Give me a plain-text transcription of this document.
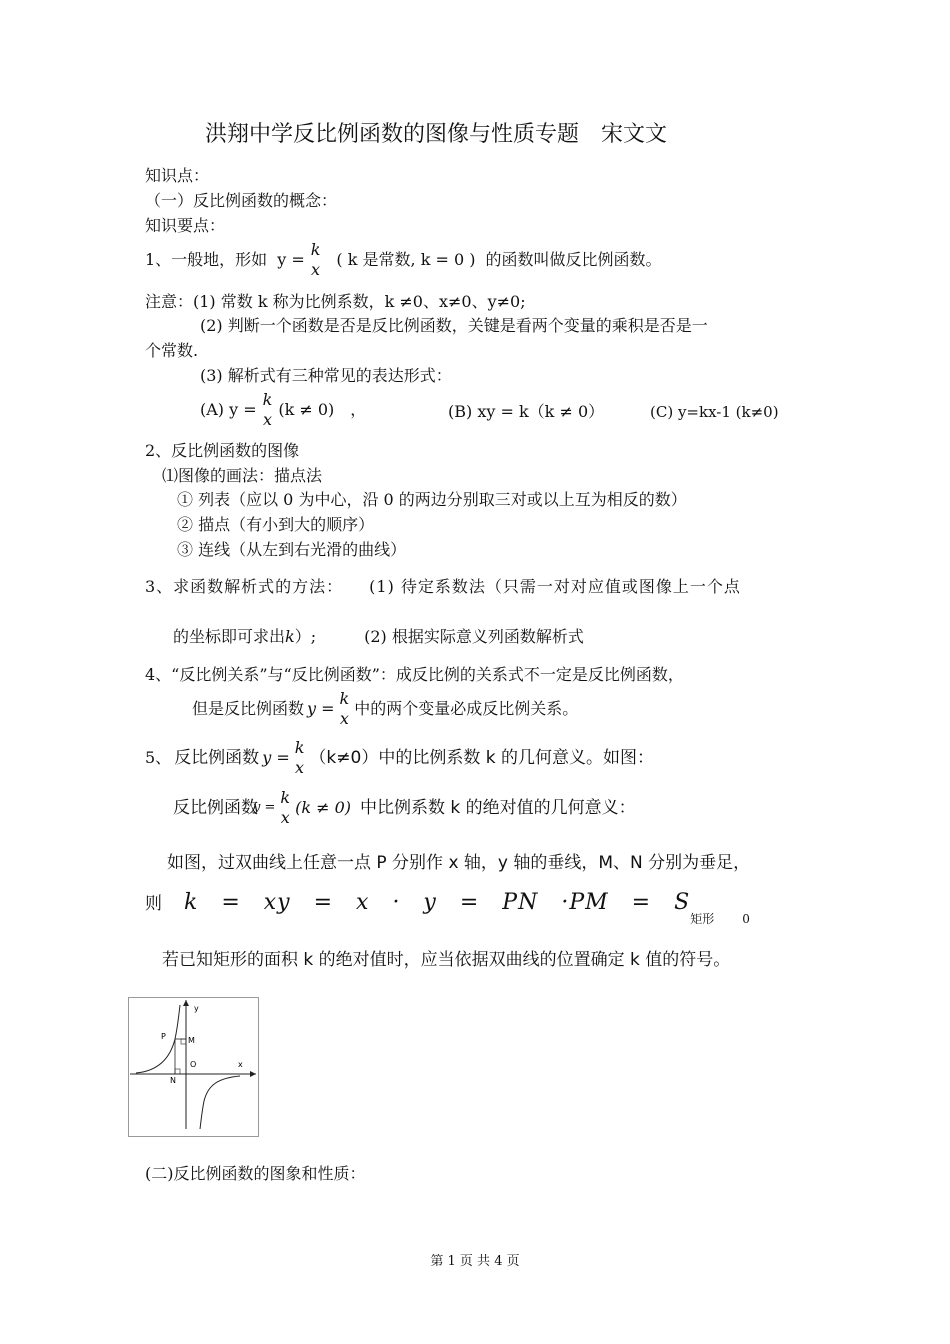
洪翔中学反比例函数的图像与性质专题　宋文文
知识点：
（一）反比例函数的概念：
知识要点：
1、一般地，形如 y =
k
x
( k 是常数, k = 0 ) 的函数叫做反比例函数。
注意：(1) 常数 k 称为比例系数，k ≠0、x≠0、y≠0;
(2) 判断一个函数是否是反比例函数，关键是看两个变量的乘积是否是一
个常数.
(3) 解析式有三种常见的表达形式：
(A) y =
k
x
(k ≠ 0)　，	(B) xy = k（k ≠ 0）	(C) y=kx-1 (k≠0)
2、反比例函数的图像
⑴图像的画法：描点法
① 列表（应以 0 为中心，沿 0 的两边分别取三对或以上互为相反的数）
② 描点（有小到大的顺序）
③ 连线（从左到右光滑的曲线）
3、求函数解析式的方法：　　(1) 待定系数法（只需一对对应值或图像上一个点
的坐标即可求出k）;　　　(2) 根据实际意义列函数解析式
4、“反比例关系”与“反比例函数”：成反比例的关系式不一定是反比例函数，
但是反比例函数 y =
k
x
中的两个变量必成反比例关系。
5、 反比例函数 y =
k
x （k≠0）中的比例系数 k 的几何意义。如图：
反比例函数
y =
k
x
(k ≠ 0) 中比例系数 k 的绝对值的几何意义：
如图，过双曲线上任意一点 P 分别作 x 轴，y 轴的垂线，M、N 分别为垂足，
则 k　=　xy　=　x　·　y　=　PN　·PM　=　S
矩形 0
若已知矩形的面积 k 的绝对值时，应当依据双曲线的位置确定 k 值的符号。
y
x
P	M
N
O
(二)反比例函数的图象和性质：
第 1 页 共 4 页
